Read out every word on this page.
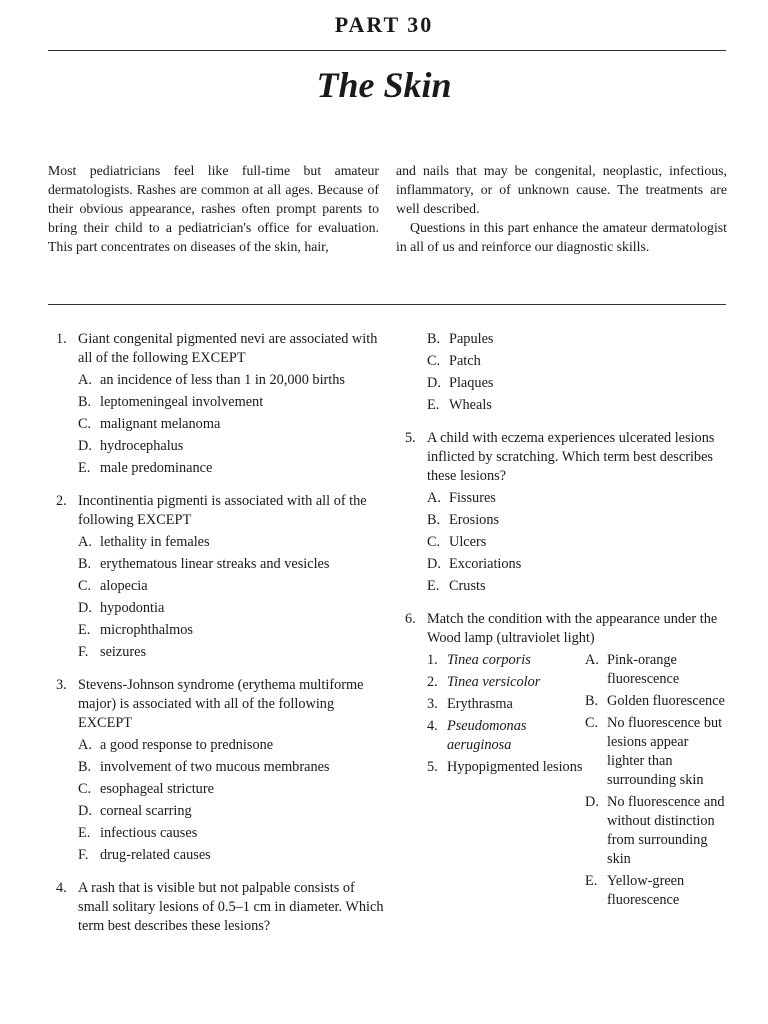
PART 30
The Skin

Most pediatricians feel like full-time but amateur dermatologists. Rashes are common at all ages. Because of their obvious appearance, rashes often prompt parents to bring their child to a pediatrician's office for evaluation. This part concentrates on diseases of the skin, hair,

and nails that may be congenital, neoplastic, infectious, inflammatory, or of unknown cause. The treatments are well described.

Questions in this part enhance the amateur dermatologist in all of us and reinforce our diagnostic skills.

1. Giant congenital pigmented nevi are associated with all of the following EXCEPT
A. an incidence of less than 1 in 20,000 births
B. leptomeningeal involvement
C. malignant melanoma
D. hydrocephalus
E. male predominance
2. Incontinentia pigmenti is associated with all of the following EXCEPT
A. lethality in females
B. erythematous linear streaks and vesicles
C. alopecia
D. hypodontia
E. microphthalmos
F. seizures
3. Stevens-Johnson syndrome (erythema multiforme major) is associated with all of the following EXCEPT
A. a good response to prednisone
B. involvement of two mucous membranes
C. esophageal stricture
D. corneal scarring
E. infectious causes
F. drug-related causes
4. A rash that is visible but not palpable consists of small solitary lesions of 0.5–1 cm in diameter. Which term best describes these lesions?
B. Papules
C. Patch
D. Plaques
E. Wheals
5. A child with eczema experiences ulcerated lesions inflicted by scratching. Which term best describes these lesions?
A. Fissures
B. Erosions
C. Ulcers
D. Excoriations
E. Crusts
6. Match the condition with the appearance under the Wood lamp (ultraviolet light)
1. Tinea corporis
2. Tinea versicolor
3. Erythrasma
4. Pseudomonas aeruginosa
5. Hypopigmented lesions
A. Pink-orange fluorescence
B. Golden fluorescence
C. No fluorescence but lesions appear lighter than surrounding skin
D. No fluorescence and without distinction from surrounding skin
E. Yellow-green fluorescence
